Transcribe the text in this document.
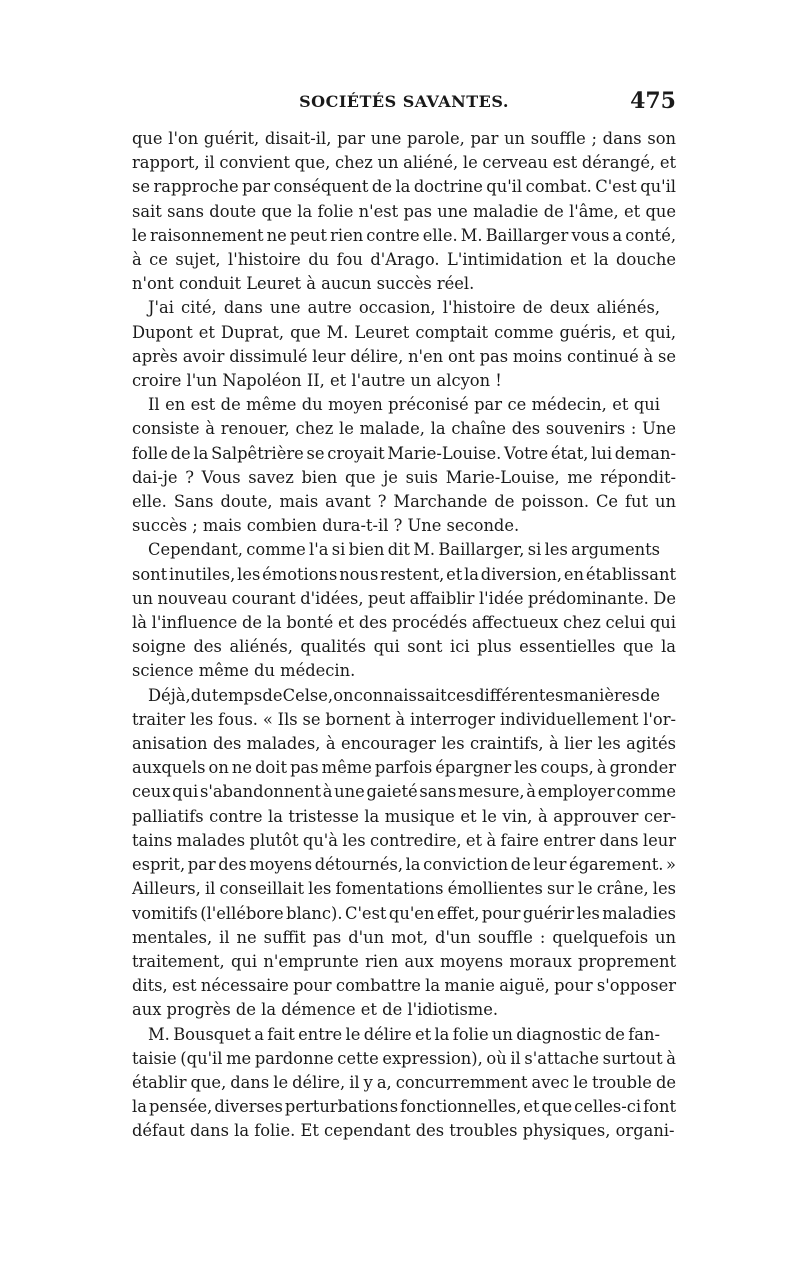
SOCIÉTÉS SAVANTES.	475
que l'on guérit, disait-il, par une parole, par un souffle ; dans son
rapport, il convient que, chez un aliéné, le cerveau est dérangé, et
se rapproche par conséquent de la doctrine qu'il combat. C'est qu'il
sait sans doute que la folie n'est pas une maladie de l'âme, et que
le raisonnement ne peut rien contre elle. M. Baillarger vous a conté,
à ce sujet, l'histoire du fou d'Arago. L'intimidation et la douche
n'ont conduit Leuret à aucun succès réel.
J'ai cité, dans une autre occasion, l'histoire de deux aliénés,
Dupont et Duprat, que M. Leuret comptait comme guéris, et qui,
après avoir dissimulé leur délire, n'en ont pas moins continué à se
croire l'un Napoléon II, et l'autre un alcyon !
Il en est de même du moyen préconisé par ce médecin, et qui
consiste à renouer, chez le malade, la chaîne des souvenirs : Une
folle de la Salpêtrière se croyait Marie-Louise. Votre état, lui deman-
dai-je ? Vous savez bien que je suis Marie-Louise, me répondit-
elle. Sans doute, mais avant ? Marchande de poisson. Ce fut un
succès ; mais combien dura-t-il ? Une seconde.
Cependant, comme l'a si bien dit M. Baillarger, si les arguments
sont inutiles, les émotions nous restent, et la diversion, en établissant
un nouveau courant d'idées, peut affaiblir l'idée prédominante. De
là l'influence de la bonté et des procédés affectueux chez celui qui
soigne des aliénés, qualités qui sont ici plus essentielles que la
science même du médecin.
Déjà, du temps de Celse, on connaissait ces différentes manières de
traiter les fous. « Ils se bornent à interroger individuellement l'or-
anisation des malades, à encourager les craintifs, à lier les agités
auxquels on ne doit pas même parfois épargner les coups, à gronder
ceux qui s'abandonnent à une gaieté sans mesure, à employer comme
palliatifs contre la tristesse la musique et le vin, à approuver cer-
tains malades plutôt qu'à les contredire, et à faire entrer dans leur
esprit, par des moyens détournés, la conviction de leur égarement. »
Ailleurs, il conseillait les fomentations émollientes sur le crâne, les
vomitifs (l'ellébore blanc). C'est qu'en effet, pour guérir les maladies
mentales, il ne suffit pas d'un mot, d'un souffle : quelquefois un
traitement, qui n'emprunte rien aux moyens moraux proprement
dits, est nécessaire pour combattre la manie aiguë, pour s'opposer
aux progrès de la démence et de l'idiotisme.
M. Bousquet a fait entre le délire et la folie un diagnostic de fan-
taisie (qu'il me pardonne cette expression), où il s'attache surtout à
établir que, dans le délire, il y a, concurremment avec le trouble de
la pensée, diverses perturbations fonctionnelles, et que celles-ci font
défaut dans la folie. Et cependant des troubles physiques, organi-
